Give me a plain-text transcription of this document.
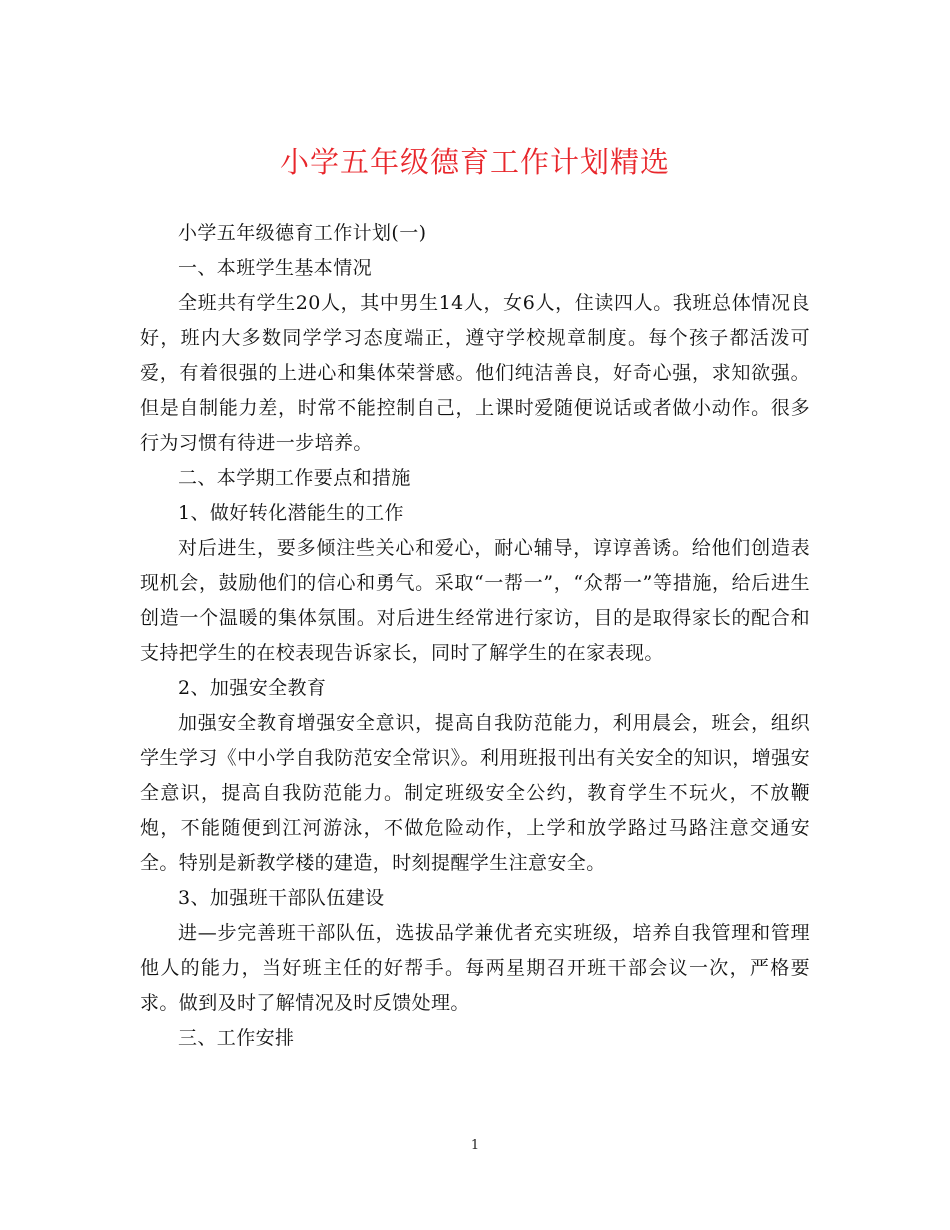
小学五年级德育工作计划精选

小学五年级德育工作计划(一)

一、本班学生基本情况

全班共有学生20人，其中男生14人，女6人，住读四人。我班总体情况良好，班内大多数同学学习态度端正，遵守学校规章制度。每个孩子都活泼可爱，有着很强的上进心和集体荣誉感。他们纯洁善良，好奇心强，求知欲强。但是自制能力差，时常不能控制自己，上课时爱随便说话或者做小动作。很多行为习惯有待进一步培养。

二、本学期工作要点和措施

1、做好转化潜能生的工作

对后进生，要多倾注些关心和爱心，耐心辅导，谆谆善诱。给他们创造表现机会，鼓励他们的信心和勇气。采取“一帮一”，“众帮一”等措施，给后进生创造一个温暖的集体氛围。对后进生经常进行家访，目的是取得家长的配合和支持把学生的在校表现告诉家长，同时了解学生的在家表现。

2、加强安全教育

加强安全教育增强安全意识，提高自我防范能力，利用晨会，班会，组织学生学习《中小学自我防范安全常识》。利用班报刊出有关安全的知识，增强安全意识，提高自我防范能力。制定班级安全公约，教育学生不玩火，不放鞭炮，不能随便到江河游泳，不做危险动作，上学和放学路过马路注意交通安全。特别是新教学楼的建造，时刻提醒学生注意安全。

3、加强班干部队伍建设

进—步完善班干部队伍，选拔品学兼优者充实班级，培养自我管理和管理他人的能力，当好班主任的好帮手。每两星期召开班干部会议一次，严格要求。做到及时了解情况及时反馈处理。

三、工作安排

1
